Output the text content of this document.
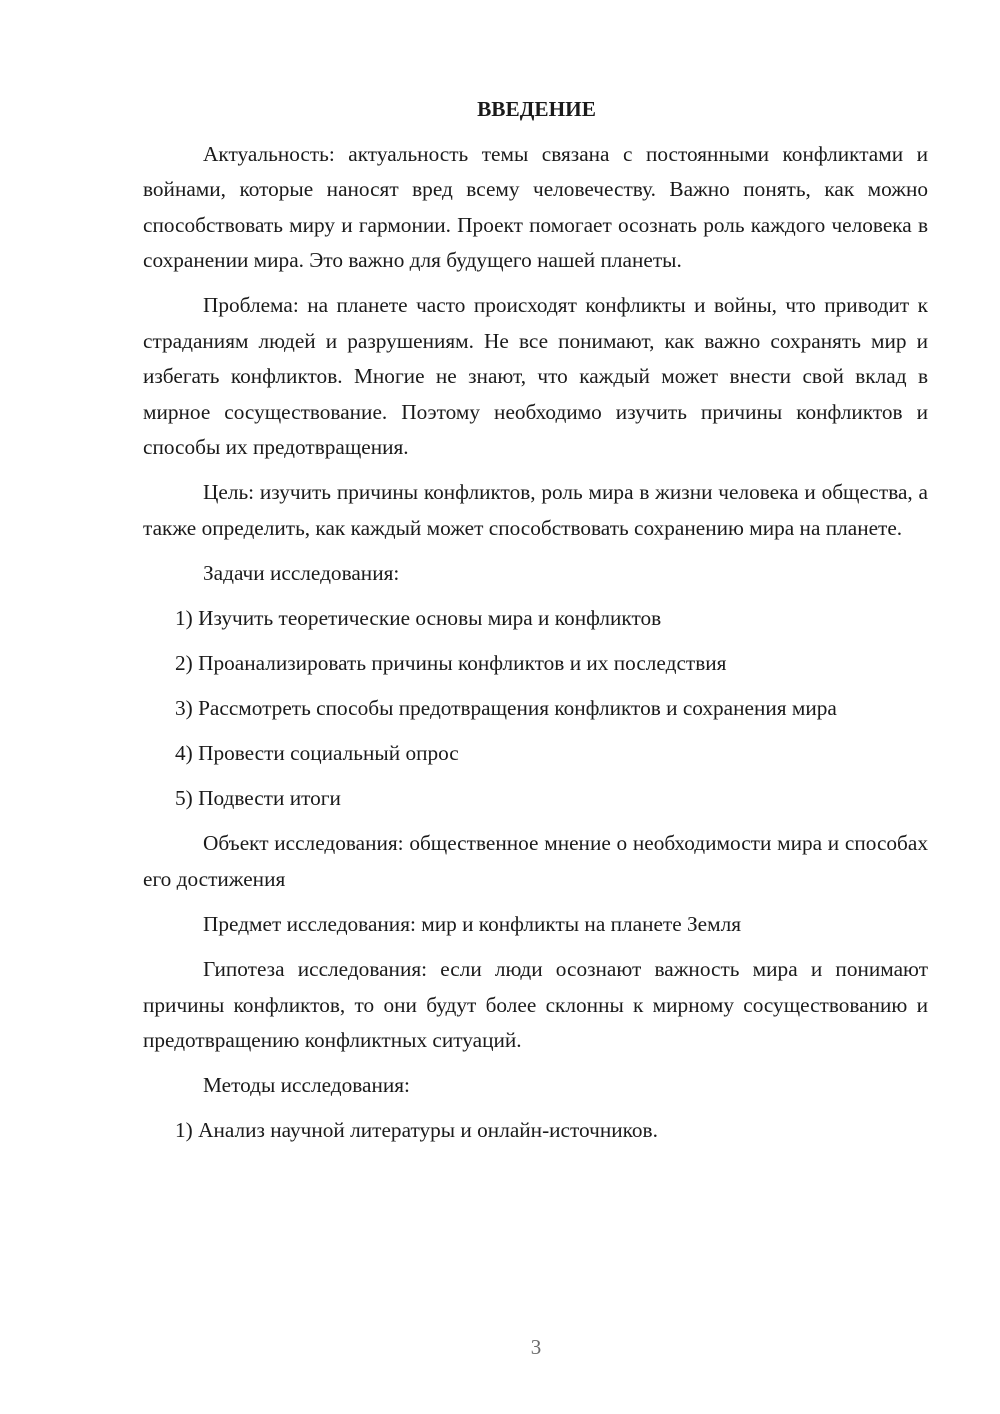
ВВЕДЕНИЕ

Актуальность: актуальность темы связана с постоянными конфликтами и войнами, которые наносят вред всему человечеству. Важно понять, как можно способствовать миру и гармонии. Проект помогает осознать роль каждого человека в сохранении мира. Это важно для будущего нашей планеты.

Проблема: на планете часто происходят конфликты и войны, что приводит к страданиям людей и разрушениям. Не все понимают, как важно сохранять мир и избегать конфликтов. Многие не знают, что каждый может внести свой вклад в мирное сосуществование. Поэтому необходимо изучить причины конфликтов и способы их предотвращения.

Цель: изучить причины конфликтов, роль мира в жизни человека и общества, а также определить, как каждый может способствовать сохранению мира на планете.

Задачи исследования:

1) Изучить теоретические основы мира и конфликтов

2) Проанализировать причины конфликтов и их последствия

3) Рассмотреть способы предотвращения конфликтов и сохранения мира

4) Провести социальный опрос

5) Подвести итоги

Объект исследования: общественное мнение о необходимости мира и способах его достижения

Предмет исследования: мир и конфликты на планете Земля

Гипотеза исследования: если люди осознают важность мира и понимают причины конфликтов, то они будут более склонны к мирному сосуществованию и предотвращению конфликтных ситуаций.

Методы исследования:

1) Анализ научной литературы и онлайн-источников.

3
